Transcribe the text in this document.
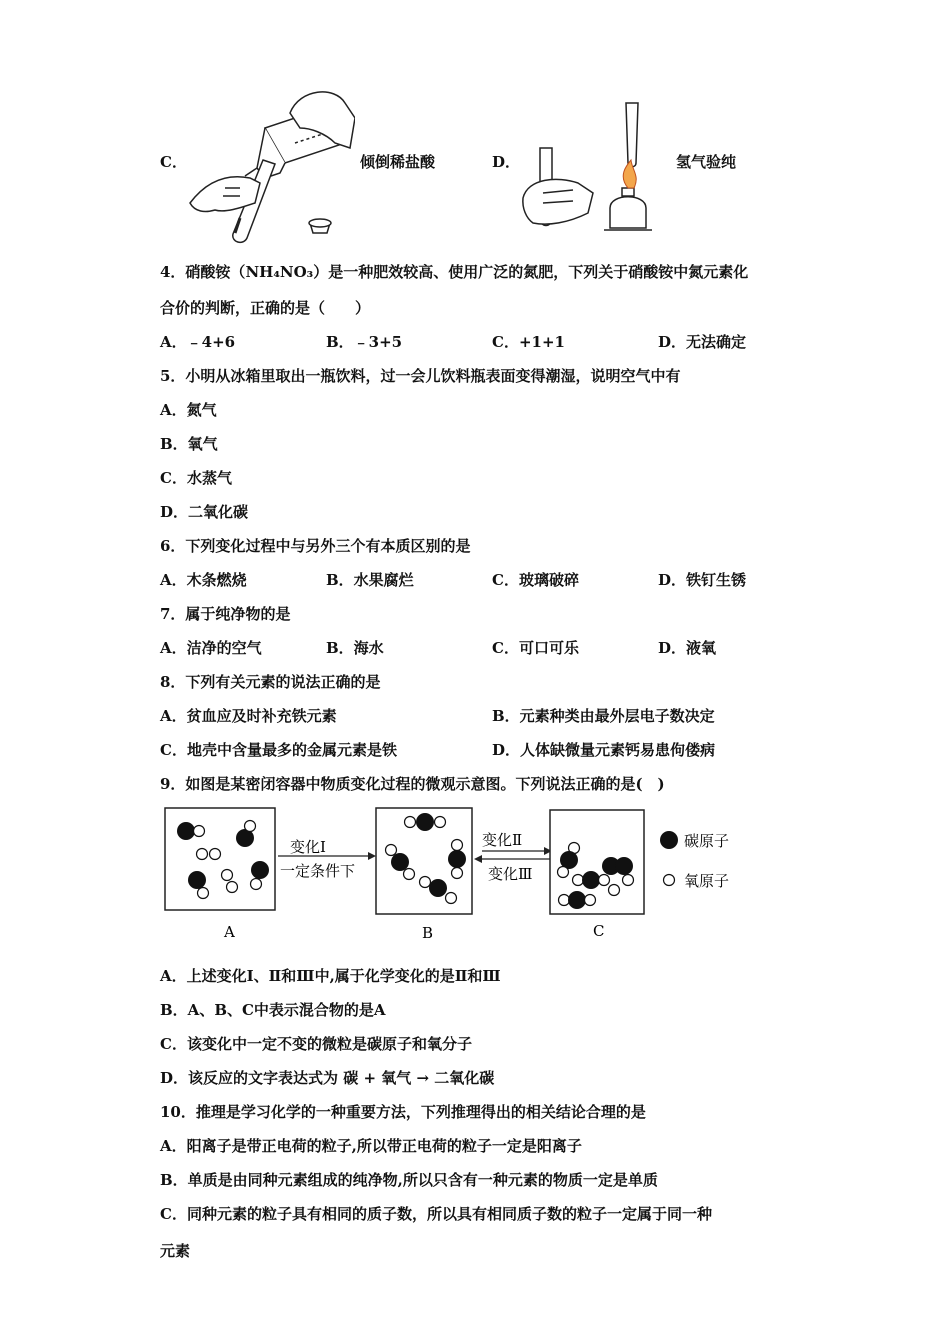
C．	倾倒稀盐酸	D．	氢气验纯
4．硝酸铵（NH₄NO₃）是一种肥效较高、使用广泛的氮肥，下列关于硝酸铵中氮元素化
合价的判断，正确的是（　　）
A．﹣4+6	B．﹣3+5	C．+1+1	D．无法确定
5．小明从冰箱里取出一瓶饮料，过一会儿饮料瓶表面变得潮湿，说明空气中有
A．氮气
B．氧气
C．水蒸气
D．二氧化碳
6．下列变化过程中与另外三个有本质区别的是
A．木条燃烧	B．水果腐烂	C．玻璃破碎	D．铁钉生锈
7．属于纯净物的是
A．洁净的空气	B．海水	C．可口可乐	D．液氧
8．下列有关元素的说法正确的是
A．贫血应及时补充铁元素	B．元素种类由最外层电子数决定
C．地壳中含量最多的金属元素是铁	D．人体缺微量元素钙易患佝偻病
9．如图是某密闭容器中物质变化过程的微观示意图。下列说法正确的是(　)
变化Ⅰ
一定条件下
变化Ⅱ
变化Ⅲ
碳原子
氧原子
A	B	C
A．上述变化Ⅰ、Ⅱ和Ⅲ中,属于化学变化的是Ⅱ和Ⅲ
B．A、B、C中表示混合物的是A
C．该变化中一定不变的微粒是碳原子和氧分子
D．该反应的文字表达式为 碳 + 氧气 → 二氧化碳
10．推理是学习化学的一种重要方法，下列推理得出的相关结论合理的是
A．阳离子是带正电荷的粒子,所以带正电荷的粒子一定是阳离子
B．单质是由同种元素组成的纯净物,所以只含有一种元素的物质一定是单质
C．同种元素的粒子具有相同的质子数，所以具有相同质子数的粒子一定属于同一种
元素
